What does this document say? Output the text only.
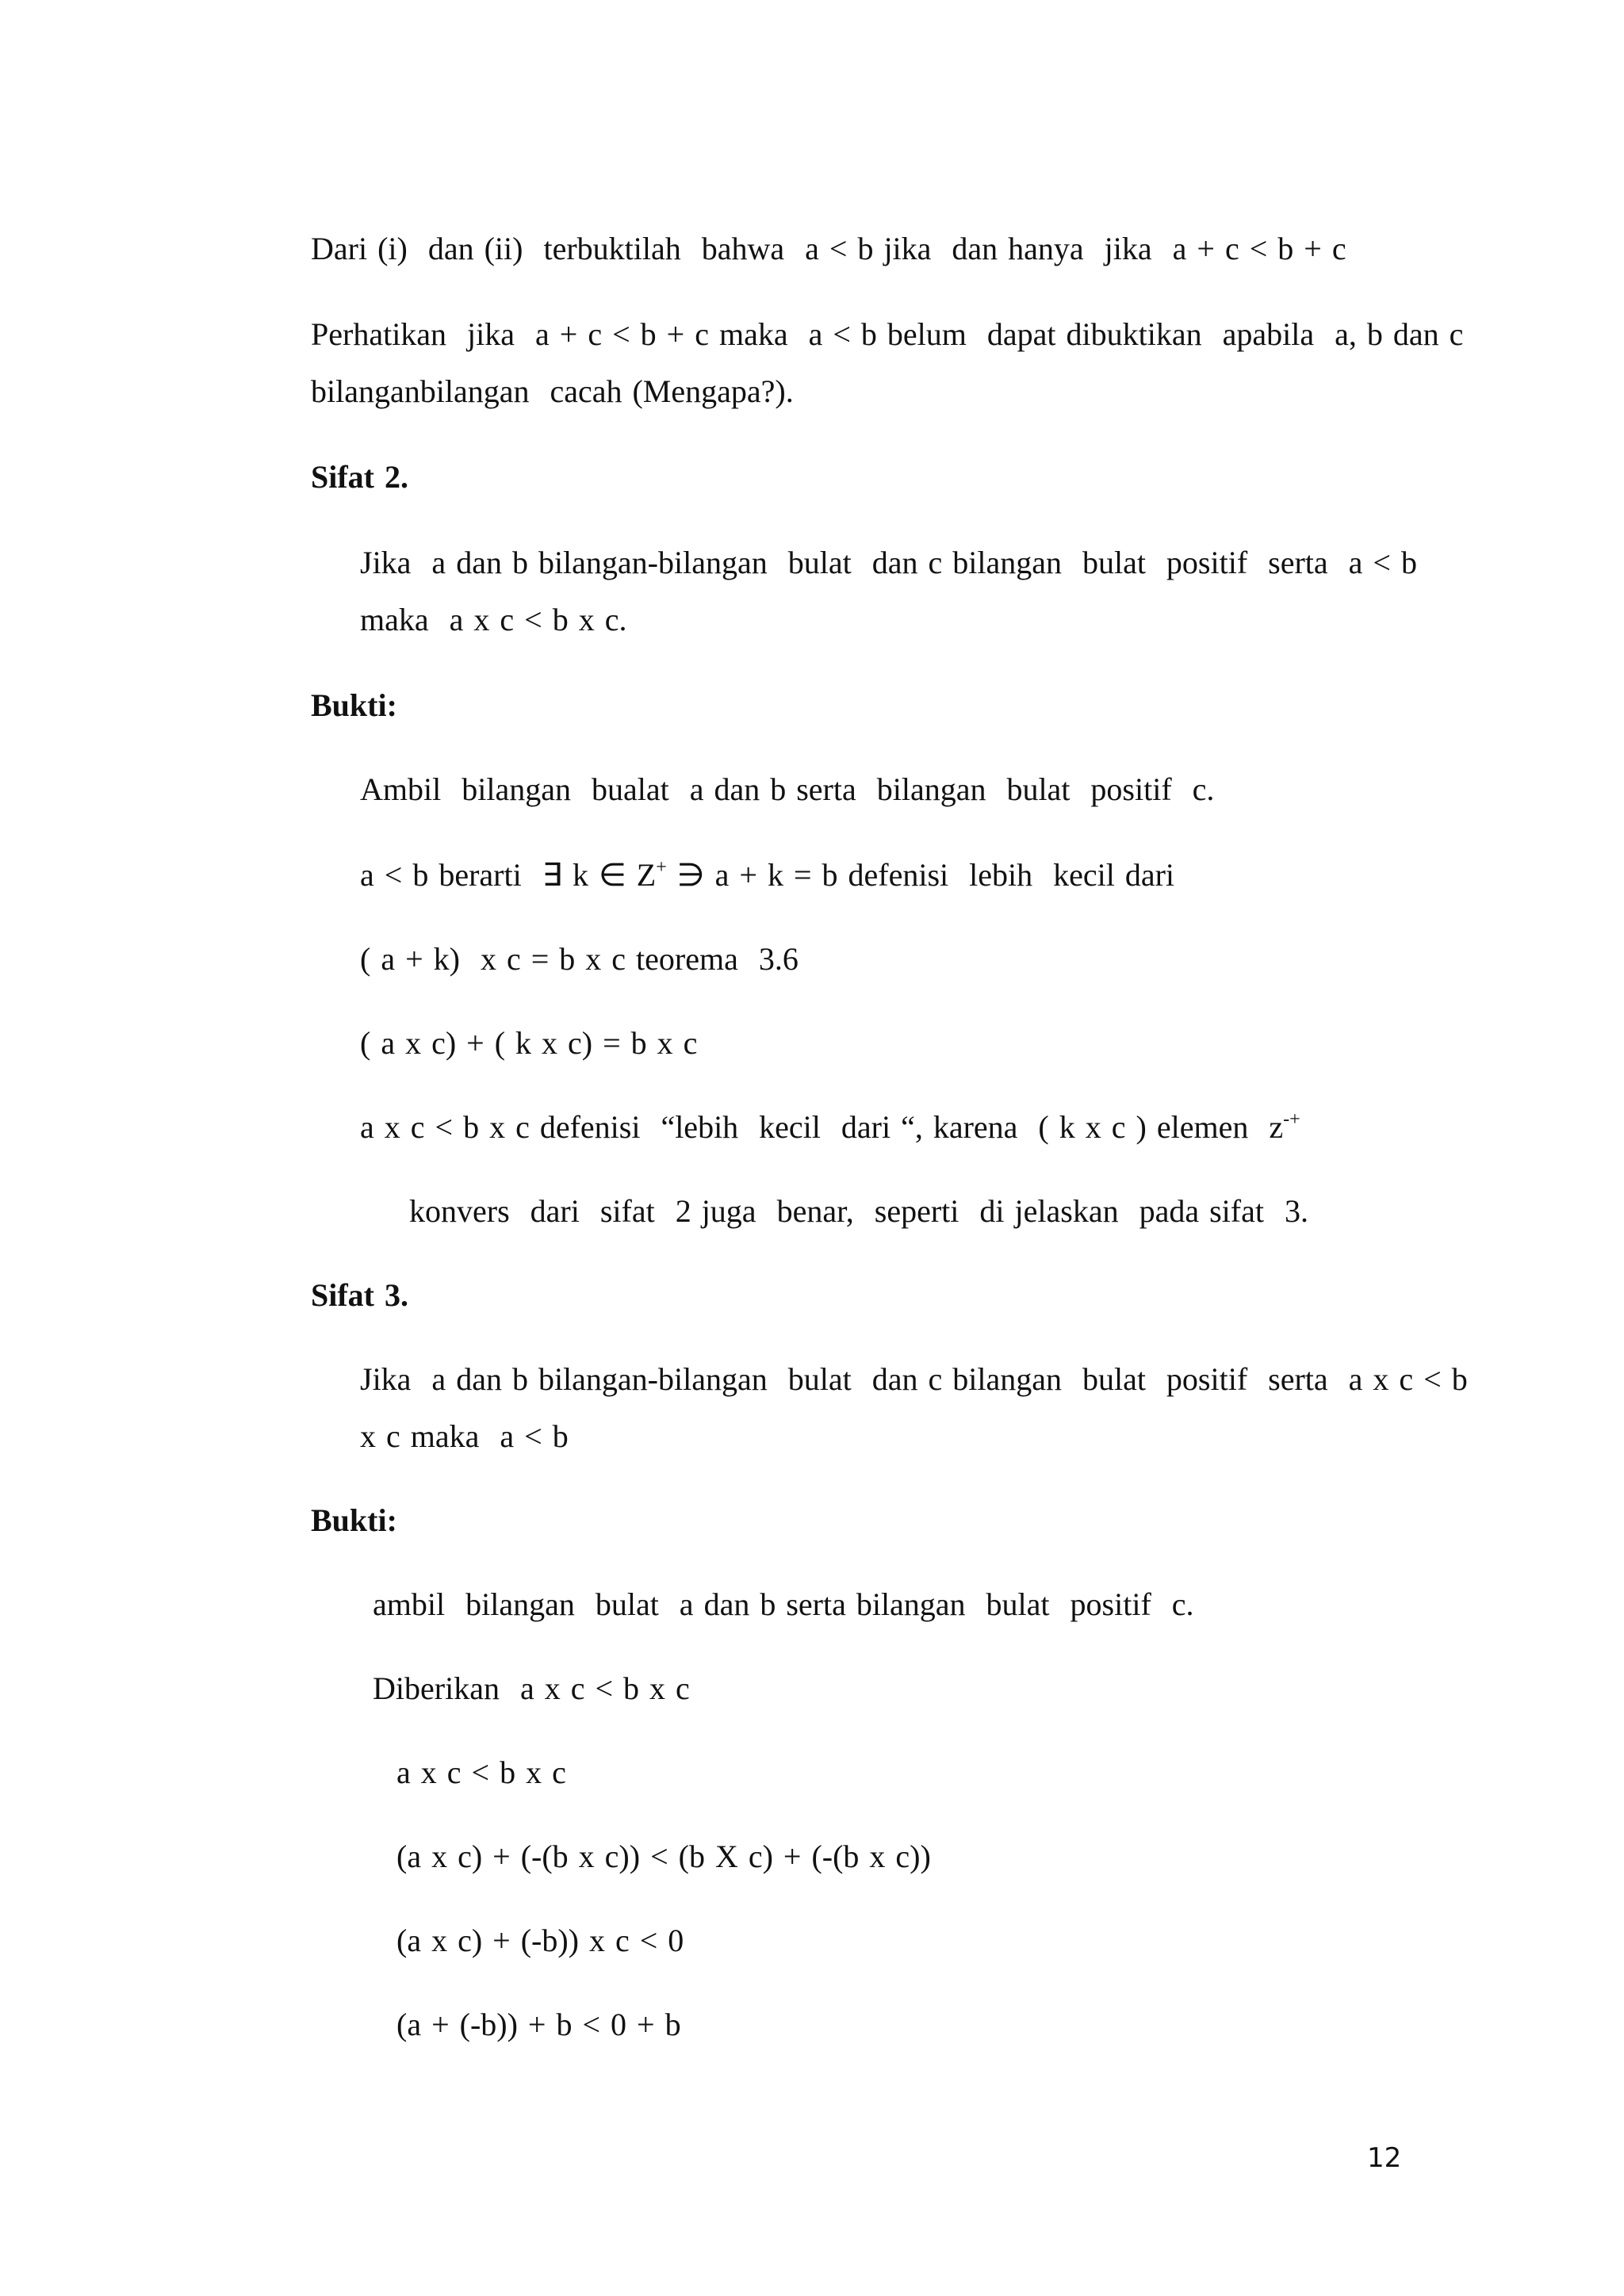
Dari (i)  dan (ii)  terbuktilah  bahwa  a < b jika  dan hanya  jika  a + c < b + c
Perhatikan  jika  a + c < b + c maka  a < b belum  dapat dibuktikan  apabila  a, b dan c
bilanganbilangan  cacah (Mengapa?).
Sifat 2.
Jika  a dan b bilangan-bilangan  bulat  dan c bilangan  bulat  positif  serta  a < b
maka  a x c < b x c.
Bukti:
Ambil  bilangan  bualat  a dan b serta  bilangan  bulat  positif  c.
a < b berarti  ∃ k ∈ Z+ ∋ a + k = b defenisi  lebih  kecil dari
( a + k)  x c = b x c teorema  3.6
( a x c) + ( k x c) = b x c
a x c < b x c defenisi  “lebih  kecil  dari “, karena  ( k x c ) elemen  z-+
konvers  dari  sifat  2 juga  benar,  seperti  di jelaskan  pada sifat  3.
Sifat 3.
Jika  a dan b bilangan-bilangan  bulat  dan c bilangan  bulat  positif  serta  a x c < b
x c maka  a < b
Bukti:
ambil  bilangan  bulat  a dan b serta bilangan  bulat  positif  c.
Diberikan  a x c < b x c
a x c < b x c
(a x c) + (-(b x c)) < (b X c) + (-(b x c))
(a x c) + (-b)) x c < 0
(a + (-b)) + b < 0 + b
12
